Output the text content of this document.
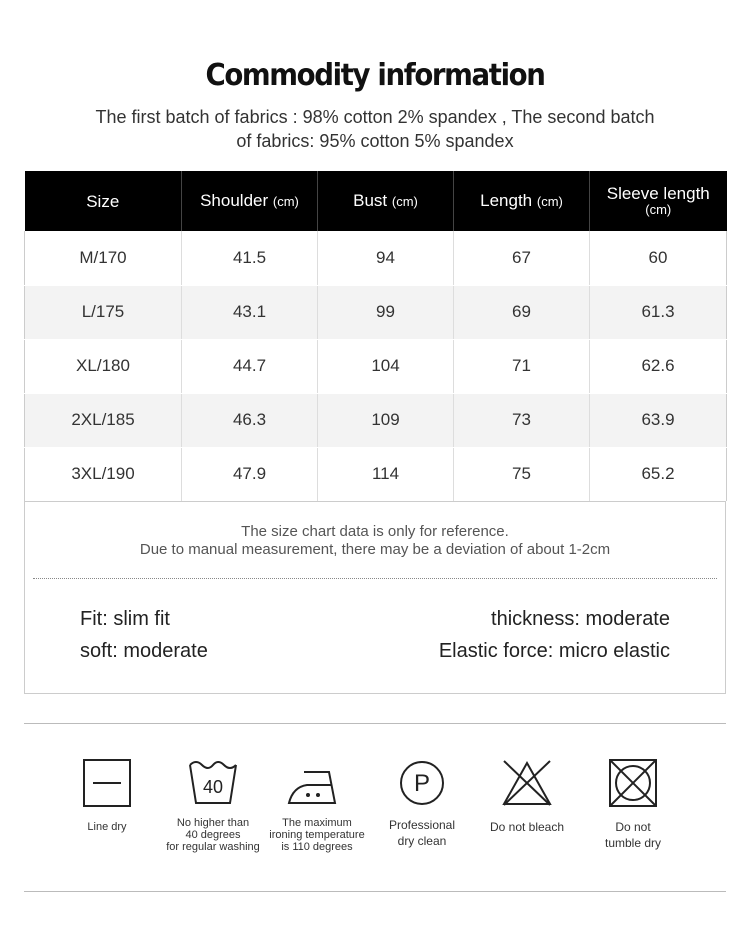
Commodity information
The first batch of fabrics : 98% cotton 2% spandex , The second batch
of fabrics: 95% cotton 5% spandex
Size	Shoulder (cm)	Bust (cm)	Length (cm)	Sleeve length
(cm)
M/170	41.5	94	67	60
L/175	43.1	99	69	61.3
XL/180	44.7	104	71	62.6
2XL/185	46.3	109	73	63.9
3XL/190	47.9	114	75	65.2
The size chart data is only for reference.
Due to manual measurement, there may be a deviation of about 1-2cm
Fit: slim fit
soft: moderate
thickness: moderate
Elastic force: micro elastic
Line dry
40
No higher than
40 degrees
for regular washing
The maximum
ironing temperature
is 110 degrees
P
Professional
dry clean
Do not bleach	Do not
tumble dry
